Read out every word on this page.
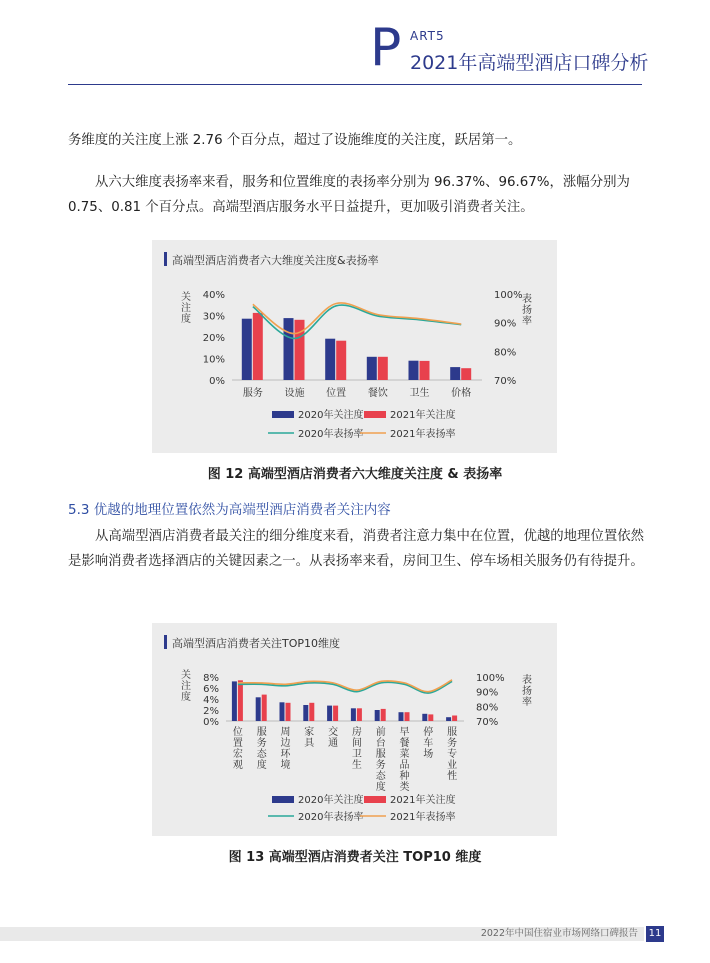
P ART5
2021年高端型酒店口碑分析
务维度的关注度上涨 2.76 个百分点，超过了设施维度的关注度，跃居第一。
从六大维度表扬率来看，服务和位置维度的表扬率分别为 96.37%、96.67%，涨幅分别为 0.75、0.81 个百分点。高端型酒店服务水平日益提升，更加吸引消费者关注。
高端型酒店消费者六大维度关注度&表扬率
40%
30%
20%
10%
0%
100%
90%
80%
70%
关注度
表扬率
服务 设施 位置 餐饮 卫生 价格
2020年关注度	2021年关注度
2020年表扬率	2021年表扬率
图 12 高端型酒店消费者六大维度关注度 & 表扬率
5.3 优越的地理位置依然为高端型酒店消费者关注内容
从高端型酒店消费者最关注的细分维度来看，消费者注意力集中在位置，优越的地理位置依然是影响消费者选择酒店的关键因素之一。从表扬率来看，房间卫生、停车场相关服务仍有待提升。
高端型酒店消费者关注TOP10维度
8%
6%
4%
2%
0%
100%
90%
80%
70%
关注度
表扬率
位置宏观
服务态度
周边环境
家具
交通
房间卫生
前台服务态度
早餐菜品种类
停车场
服务专业性
2020年关注度	2021年关注度
2020年表扬率	2021年表扬率
图 13 高端型酒店消费者关注 TOP10 维度
2022年中国住宿业市场网络口碑报告 11
